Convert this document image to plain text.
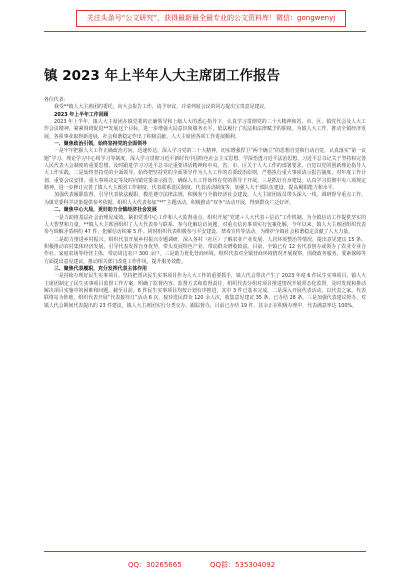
关注头条号“公文研究”，获得最新最全最专业的公文资料库！微信：gongwenyj
镇 2023 年上半年人大主席团工作报告

各位代表：

我受**镇人大主席团的委托，向大会报告工作，请予审议，并请列席会议的同志提出宝贵意见建议。

2023 年上半年工作回顾

2023 年上半年，镇人大主席团在镇党委的正确领导和上级人大的悉心指导下，认真学习贯彻党的二十大精神和省、市、区、镇党代会及人大工作会议精神，紧紧围绕促进**发展这个目标，进一步增强大局意识和服务水平，依法履行了宪法和法律赋予的职权，为镇人大工作，推动全镇经济发展、各项事业取得新进展、社会和谐稳定作出了积极贡献，人大主席团各项工作进展顺利。

一、聚焦政治引领，始终坚持党的全面领导

一是牢牢把握人大工作正确政治方向。迅速传达、深入学习党的二十大精神，切实增强捍卫“两个确立”的思想自觉和行动自觉。认真落实“第一议题”学习、理论学习中心组学习等制度，深入学习贯彻习近平新时代中国特色社会主义思想，学深悟透习近平法治思想、习近平总书记关于坚持和完善人民代表大会制度的重要思想，及时跟进学习习近平总书记重要讲话精神和中央、省、市、区关于人大工作的部署要求，自觉以党的创新理论指导人大工作实践。二是始终坚持党的全面领导。始终把坚持党的全面领导作为人大工作的首要政治原则，严格执行重大事项请示报告制度，对年度工作计划、重要会议安排、重大事项决定等及时向镇党委请示报告，确保人大工作始终在党的领导下开展。三是抓好自身建设。认真学习贯彻中央八项规定精神，进一步修订完善了镇人大主席团工作制度、代表联系选民制度、代表活动制度等，加强人大干部队伍建设，提高履职能力和水平。

加强代表履职监督，引导代表依法履职、模范遵守法律法规，积极参与全镇经济社会建设。人大主席团成员带头深入一线，调研督导重点工作，为镇党委科学决策提供参考依据。组织人大代表参加“**”主题活动，积极推动“双争”活动开展，得到群众广泛好评。

二、聚焦中心大局，更好助力全镇经济社会发展

一是力助推基层社会治理见成效。紧扣党委中心工作和人大监督重点，组织开展“党建＋人大代表＋信访”工作机制，为全镇信访工作提供坚实的人大智慧和力量。**镇人大主席团组织了人大代表参与联系、参与化解信访问题，对重点信访事项实行包案化解，今年以来，镇人大主席团组织代表参与调解矛盾纠纷 47 件，化解信访积案 5 件。同时组织代表积极参与平安建设、禁毒宣传等活动，为维护全镇社会和谐稳定贡献了人大力量。

二是助力推进乡村振兴。组织代表开展乡村振兴专题调研，深入各村（社区）了解农业产业发展、人居环境整治等情况，提出意见建议 15 条。积极推动农村集体经济发展，引导代表发挥自身优势，带头发展特色产业，带动群众增收致富。目前，全镇已有 12 名代表创办或领办了农业专业合作社、家庭农场等经营主体，带动周边农户 300 余户。三是助力优化营商环境。组织代表对全镇营商环境情况开展视察，围绕政务服务、要素保障等方面提出意见建议，推动相关部门改进工作作风，提升服务效能。

三、聚焦代表履职，充分发挥代表主体作用

一是持续办理好民生实事项目。坚持把票决民生实事项目作为人大工作的重要抓手，镇人代会票决产生了 2023 年度 6 件民生实事项目。镇人大主席团制定了民生实事项目监督工作方案，明确了监督内容、监督方式和监督责任，组织代表分组对项目推进情况开展常态化监督，及时发现和推动解决项目实施中的困难和问题。截至目前，6 件民生实事项目均按计划有序推进，其中 3 件已基本完成。二是深入开展代表活动。以代表之家、代表联络站为阵地，组织代表开展“代表接待日”活动 6 次，接待选民群众 120 余人次，收集意见建议 35 条，已办结 28 条。三是加强代表建议督办。对镇人代会期间代表提出的 23 件建议，镇人大主席团实行分类交办、跟踪督办，目前已办结 19 件，其余正在积极办理中，代表满意率达 100%。

QQ：30265665	QQ群：535304092
